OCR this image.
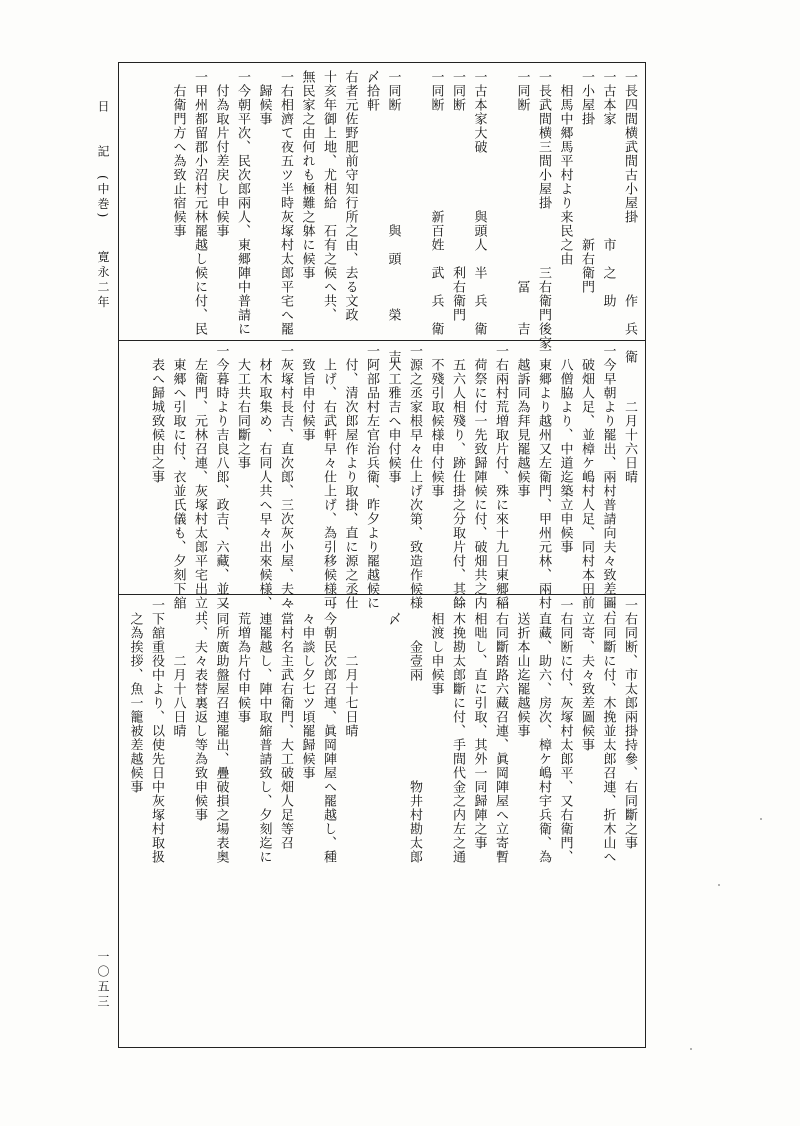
日　　記　(中巻)　　寛永二年
一〇五三
一長四間横武間古小屋掛　　　　　作　兵　衛
一古本家　　　　　　　　市　之　助
一小屋掛　　　　　　　　新右衛門
　相馬中郷馬平村より来民之由
一長武間横三間小屋掛　　　　三右衛門後家
一同断　　　　　　　　　　　　冨　　吉
一古本家大破　　　　與頭人　半　兵　衛
一同断　　　　　　　　　　　利右衛門
一同断　　　　　　　新百姓　武　兵　衛
一同断　　　　　　　　與　頭　　　榮　　吉
〆拾軒
右者元佐野肥前守知行所之由、去る文政
十亥年御上地、尤相給　石有之候へ共、
無民家之由何れも極難之躰に候事
一右相濟て夜五ツ半時灰塚村太郎平宅へ罷
　歸候事
一今朝平次、民次郎兩人、東郷陣中普請に
　付為取片付差戻し申候事
一甲州都留郡小沼村元林罷越し候に付、民
　右衛門方へ為致止宿候事
　　　　二月十六日晴
一今早朝より罷出、兩村普請向夫々致差圖、
　破畑人足、並樟ケ嶋村人足、同村本田前
　八僧脇より、中道迄築立申候事
一東郷より越州又左衛門、甲州元林、兩村
　越訴同為拜見罷越候事
一右兩村荒増取片付、殊に來十九日東郷稲
　荷祭に付一先致歸陣候に付、破畑共之内
　五六人相殘り、跡仕掛之分取片付、其餘
　不殘引取候様申付候事
一源之丞家根早々仕上げ次第、致造作候様
　大工雅吉へ申付候事
一阿部品村左官治兵衛、昨夕より罷越候に
　付、清次郎屋作より取掛、直に源之丞仕
　上げ、右武軒早々仕上げ、為引移候様可
　致旨申付候事
一灰塚村長吉、直次郎、三次灰小屋、夫々
　材木取集め、右同人共へ早々出來候様、
　大工共右同斷之事
一今暮時より吉良八郎、政吉、六藏、並又
　左衛門、元林召連、灰塚村太郎平宅出立、
　東郷へ引取に付、衣並氏儀も、夕刻下舘
　表へ歸城致候由之事
一右同断、市太郎兩掛持參、右同斷之事
一右同斷に付、木挽並太郎召連、折木山へ
　立寄、夫々致差圖候事
一右同断に付、灰塚村太郎平、又右衛門、
　直藏、助六、房次、樟ケ嶋村宇兵衛、為
　送折本山迄罷越候事
一右同斷踏路六藏召連、眞岡陣屋へ立寄暫
　相咄し、直に引取、其外一同歸陣之事
一木挽勘太郎斷に付、手間代金之内左之通
　相渡し申候事
　　　金壹兩　　　　　　　物井村勘太郎
　〆
　　　　二月十七日晴
一今朝民次郎召連、眞岡陣屋へ罷越し、種
　々申談し夕七ツ頃罷歸候事
一當村名主武右衛門、大工破畑人足等召
　連罷越し、陣中取縮普請致し、夕刻迄に
　荒増為片付申候事
一同所廣助盤屋召連罷出、疊破損之場表奥
　共、夫々表替裏返し等為致申候事
　　　　二月十八日晴
一下舘重役中より、以使先日中灰塚村取扱
　之為挨拶、魚一籠被差越候事
